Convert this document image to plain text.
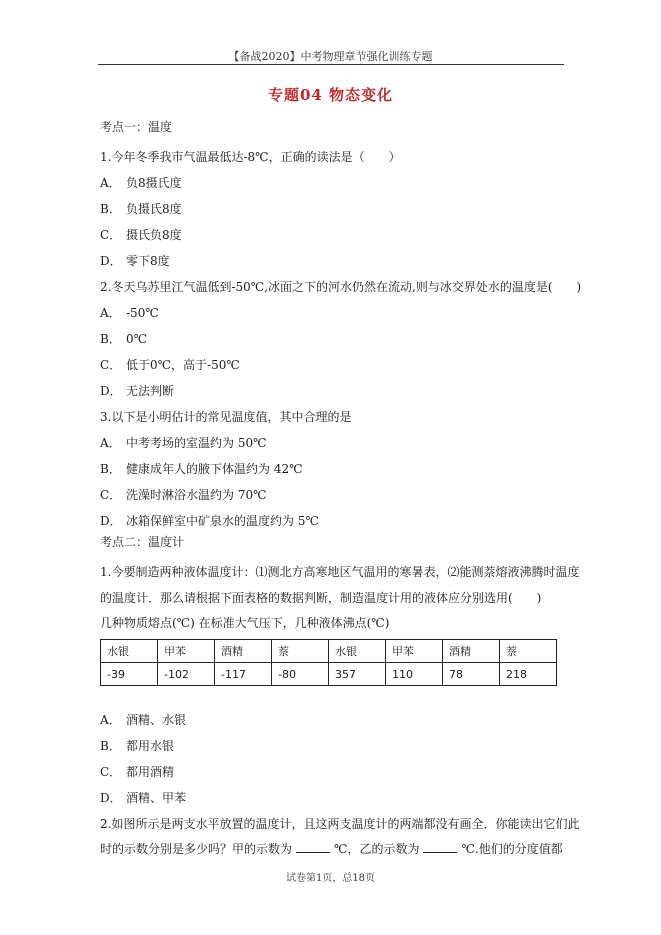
【备战2020】中考物理章节强化训练专题
专题04 物态变化
考点一：温度
1.今年冬季我市气温最低达-8℃，正确的读法是（　　）
A． 负8摄氏度
B． 负摄氏8度
C． 摄氏负8度
D． 零下8度
2.冬天乌苏里江气温低到-50℃,冰面之下的河水仍然在流动,则与冰交界处水的温度是(　　)
A． -50℃
B． 0℃
C． 低于0℃，高于-50℃
D． 无法判断
3.以下是小明估计的常见温度值，其中合理的是
A． 中考考场的室温约为 50℃
B． 健康成年人的腋下体温约为 42℃
C． 洗澡时淋浴水温约为 70℃
D． 冰箱保鲜室中矿泉水的温度约为 5℃
考点二：温度计
1.今要制造两种液体温度计：⑴测北方高寒地区气温用的寒暑表，⑵能测萘熔液沸腾时温度
的温度计．那么请根据下面表格的数据判断，制造温度计用的液体应分别选用(　　)
几种物质熔点(℃) 在标准大气压下，几种液体沸点(℃)
水银	甲苯	酒精	萘	水银	甲苯	酒精	萘
-39	-102	-117	-80	357	110	78	218
A． 酒精、水银
B． 都用水银
C． 都用酒精
D． 酒精、甲苯
2.如图所示是两支水平放置的温度计，且这两支温度计的两端都没有画全．你能读出它们此
时的示数分别是多少吗？甲的示数为	℃，乙的示数为	℃.他们的分度值都
试卷第1页，总18页
